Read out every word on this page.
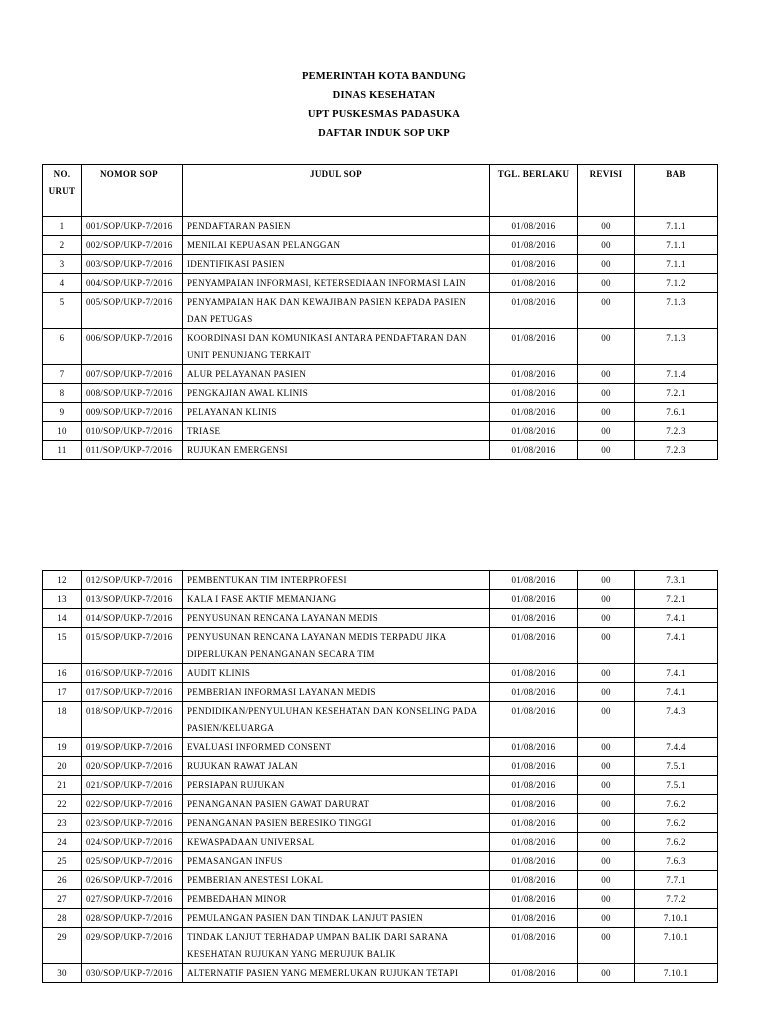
PEMERINTAH KOTA BANDUNG
DINAS KESEHATAN
UPT PUSKESMAS PADASUKA
DAFTAR INDUK SOP UKP
NO.
URUT	NOMOR SOP	JUDUL SOP	TGL. BERLAKU	REVISI	BAB
1	001/SOP/UKP-7/2016	PENDAFTARAN PASIEN	01/08/2016	00	7.1.1
2	002/SOP/UKP-7/2016	MENILAI KEPUASAN PELANGGAN	01/08/2016	00	7.1.1
3	003/SOP/UKP-7/2016	IDENTIFIKASI PASIEN	01/08/2016	00	7.1.1
4	004/SOP/UKP-7/2016	PENYAMPAIAN INFORMASI, KETERSEDIAAN INFORMASI LAIN	01/08/2016	00	7.1.2
5	005/SOP/UKP-7/2016	PENYAMPAIAN HAK DAN KEWAJIBAN PASIEN KEPADA PASIEN DAN PETUGAS	01/08/2016	00	7.1.3
6	006/SOP/UKP-7/2016	KOORDINASI DAN KOMUNIKASI ANTARA PENDAFTARAN DAN UNIT PENUNJANG TERKAIT	01/08/2016	00	7.1.3
7	007/SOP/UKP-7/2016	ALUR PELAYANAN PASIEN	01/08/2016	00	7.1.4
8	008/SOP/UKP-7/2016	PENGKAJIAN AWAL KLINIS	01/08/2016	00	7.2.1
9	009/SOP/UKP-7/2016	PELAYANAN KLINIS	01/08/2016	00	7.6.1
10	010/SOP/UKP-7/2016	TRIASE	01/08/2016	00	7.2.3
11	011/SOP/UKP-7/2016	RUJUKAN EMERGENSI	01/08/2016	00	7.2.3
12	012/SOP/UKP-7/2016	PEMBENTUKAN TIM INTERPROFESI	01/08/2016	00	7.3.1
13	013/SOP/UKP-7/2016	KALA I FASE AKTIF MEMANJANG	01/08/2016	00	7.2.1
14	014/SOP/UKP-7/2016	PENYUSUNAN RENCANA LAYANAN MEDIS	01/08/2016	00	7.4.1
15	015/SOP/UKP-7/2016	PENYUSUNAN RENCANA LAYANAN MEDIS TERPADU JIKA DIPERLUKAN PENANGANAN SECARA TIM	01/08/2016	00	7.4.1
16	016/SOP/UKP-7/2016	AUDIT KLINIS	01/08/2016	00	7.4.1
17	017/SOP/UKP-7/2016	PEMBERIAN INFORMASI LAYANAN MEDIS	01/08/2016	00	7.4.1
18	018/SOP/UKP-7/2016	PENDIDIKAN/PENYULUHAN KESEHATAN DAN KONSELING PADA PASIEN/KELUARGA	01/08/2016	00	7.4.3
19	019/SOP/UKP-7/2016	EVALUASI INFORMED CONSENT	01/08/2016	00	7.4.4
20	020/SOP/UKP-7/2016	RUJUKAN RAWAT JALAN	01/08/2016	00	7.5.1
21	021/SOP/UKP-7/2016	PERSIAPAN RUJUKAN	01/08/2016	00	7.5.1
22	022/SOP/UKP-7/2016	PENANGANAN PASIEN GAWAT DARURAT	01/08/2016	00	7.6.2
23	023/SOP/UKP-7/2016	PENANGANAN PASIEN BERESIKO TINGGI	01/08/2016	00	7.6.2
24	024/SOP/UKP-7/2016	KEWASPADAAN UNIVERSAL	01/08/2016	00	7.6.2
25	025/SOP/UKP-7/2016	PEMASANGAN INFUS	01/08/2016	00	7.6.3
26	026/SOP/UKP-7/2016	PEMBERIAN ANESTESI LOKAL	01/08/2016	00	7.7.1
27	027/SOP/UKP-7/2016	PEMBEDAHAN MINOR	01/08/2016	00	7.7.2
28	028/SOP/UKP-7/2016	PEMULANGAN PASIEN DAN TINDAK LANJUT PASIEN	01/08/2016	00	7.10.1
29	029/SOP/UKP-7/2016	TINDAK LANJUT TERHADAP UMPAN BALIK DARI SARANA KESEHATAN RUJUKAN YANG MERUJUK BALIK	01/08/2016	00	7.10.1
30	030/SOP/UKP-7/2016	ALTERNATIF PASIEN YANG MEMERLUKAN RUJUKAN TETAPI	01/08/2016	00	7.10.1
